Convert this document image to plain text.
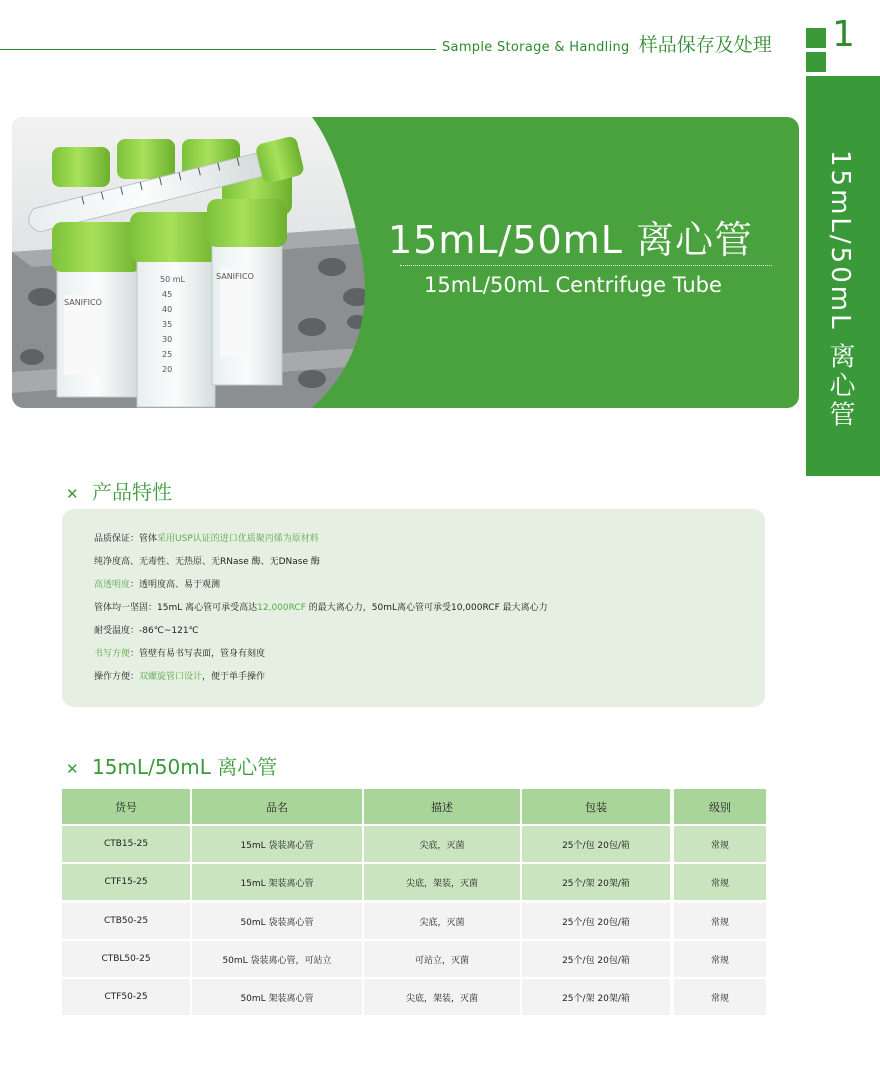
Sample Storage & Handling 样品保存及处理 1
15mL/50mL 离心管
SANIFICO
SANIFICO
50 mL
45
40
35
30
25
20
15mL/50mL 离心管
15mL/50mL Centrifuge Tube
✕ 产品特性
品质保证：管体采用USP认证的进口优质聚丙烯为原材料
纯净度高、无毒性、无热原、无RNase 酶、无DNase 酶
高透明度：透明度高、易于观测
管体均一坚固：15mL 离心管可承受高达12,000RCF 的最大离心力，50mL离心管可承受10,000RCF 最大离心力
耐受温度：-86℃~121℃
书写方便：管壁有易书写表面，管身有刻度
操作方便：双螺旋管口设计，便于单手操作
✕ 15mL/50mL 离心管
货号	品名	描述	包装	级别
CTB15-25	15mL 袋装离心管	尖底，灭菌	25个/包 20包/箱	常规
CTF15-25	15mL 架装离心管	尖底，架装，灭菌	25个/架 20架/箱	常规
CTB50-25	50mL 袋装离心管	尖底，灭菌	25个/包 20包/箱	常规
CTBL50-25	50mL 袋装离心管，可站立	可站立，灭菌	25个/包 20包/箱	常规
CTF50-25	50mL 架装离心管	尖底，架装，灭菌	25个/架 20架/箱	常规
